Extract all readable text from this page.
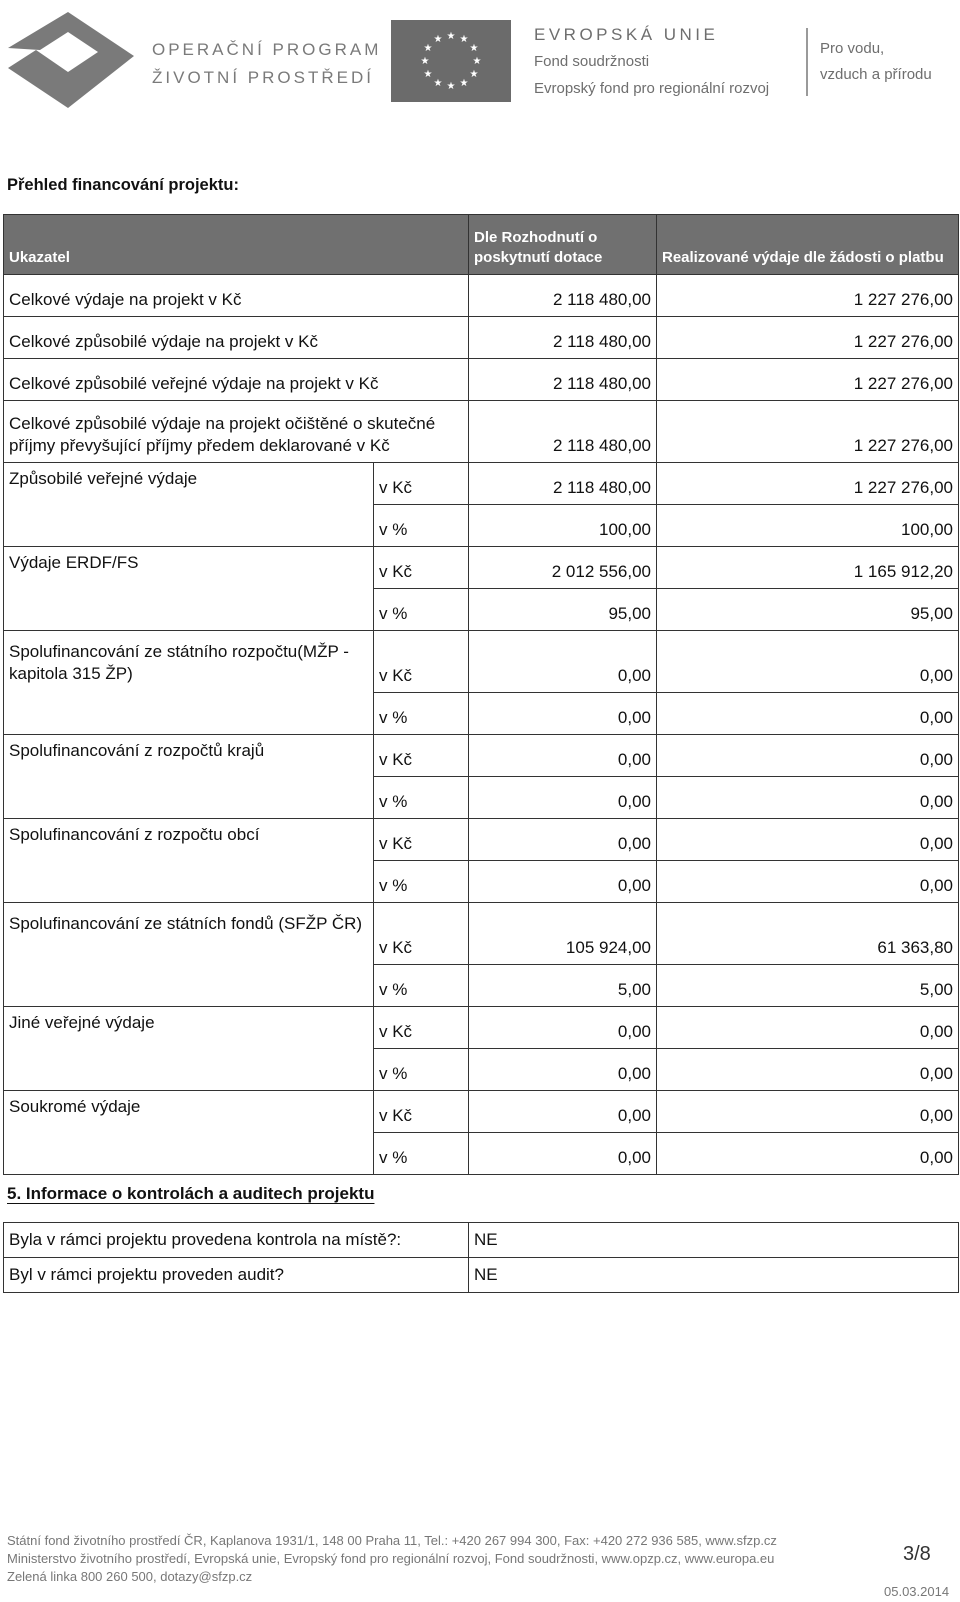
OPERAČNÍ PROGRAM
ŽIVOTNÍ PROSTŘEDÍ
★ ★
★
★
★
★
★
★
★
★
★
★	EVROPSKÁ UNIE
Fond soudržnosti
Evropský fond pro regionální rozvoj
Pro vodu,
vzduch a přírodu
Přehled financování projektu:
Ukazatel		Dle Rozhodnutí o poskytnutí dotace	Realizované výdaje dle žádosti o platbu
Celkové výdaje na projekt v Kč		2 118 480,00	1 227 276,00
Celkové způsobilé výdaje na projekt v Kč		2 118 480,00	1 227 276,00
Celkové způsobilé veřejné výdaje na projekt v Kč		2 118 480,00	1 227 276,00
Celkové způsobilé výdaje na projekt očištěné o skutečné příjmy převyšující příjmy předem deklarované v Kč		2 118 480,00	1 227 276,00
Způsobilé veřejné výdaje	v Kč	2 118 480,00	1 227 276,00
	v %	100,00	100,00
Výdaje ERDF/FS	v Kč	2 012 556,00	1 165 912,20
	v %	95,00	95,00
Spolufinancování ze státního rozpočtu(MŽP - kapitola 315 ŽP)	v Kč	0,00	0,00
	v %	0,00	0,00
Spolufinancování z rozpočtů krajů	v Kč	0,00	0,00
	v %	0,00	0,00
Spolufinancování z rozpočtu obcí	v Kč	0,00	0,00
	v %	0,00	0,00
Spolufinancování ze státních fondů (SFŽP ČR)	v Kč	105 924,00	61 363,80
	v %	5,00	5,00
Jiné veřejné výdaje	v Kč	0,00	0,00
	v %	0,00	0,00
Soukromé výdaje	v Kč	0,00	0,00
	v %	0,00	0,00
5. Informace o kontrolách a auditech projektu
Byla v rámci projektu provedena kontrola na místě?:	NE
Byl v rámci projektu proveden audit?	NE
Státní fond životního prostředí ČR, Kaplanova 1931/1, 148 00 Praha 11, Tel.: +420 267 994 300, Fax: +420 272 936 585, www.sfzp.cz
Ministerstvo životního prostředí, Evropská unie, Evropský fond pro regionální rozvoj, Fond soudržnosti, www.opzp.cz, www.europa.eu
Zelená linka 800 260 500, dotazy@sfzp.cz
3/8
05.03.2014
